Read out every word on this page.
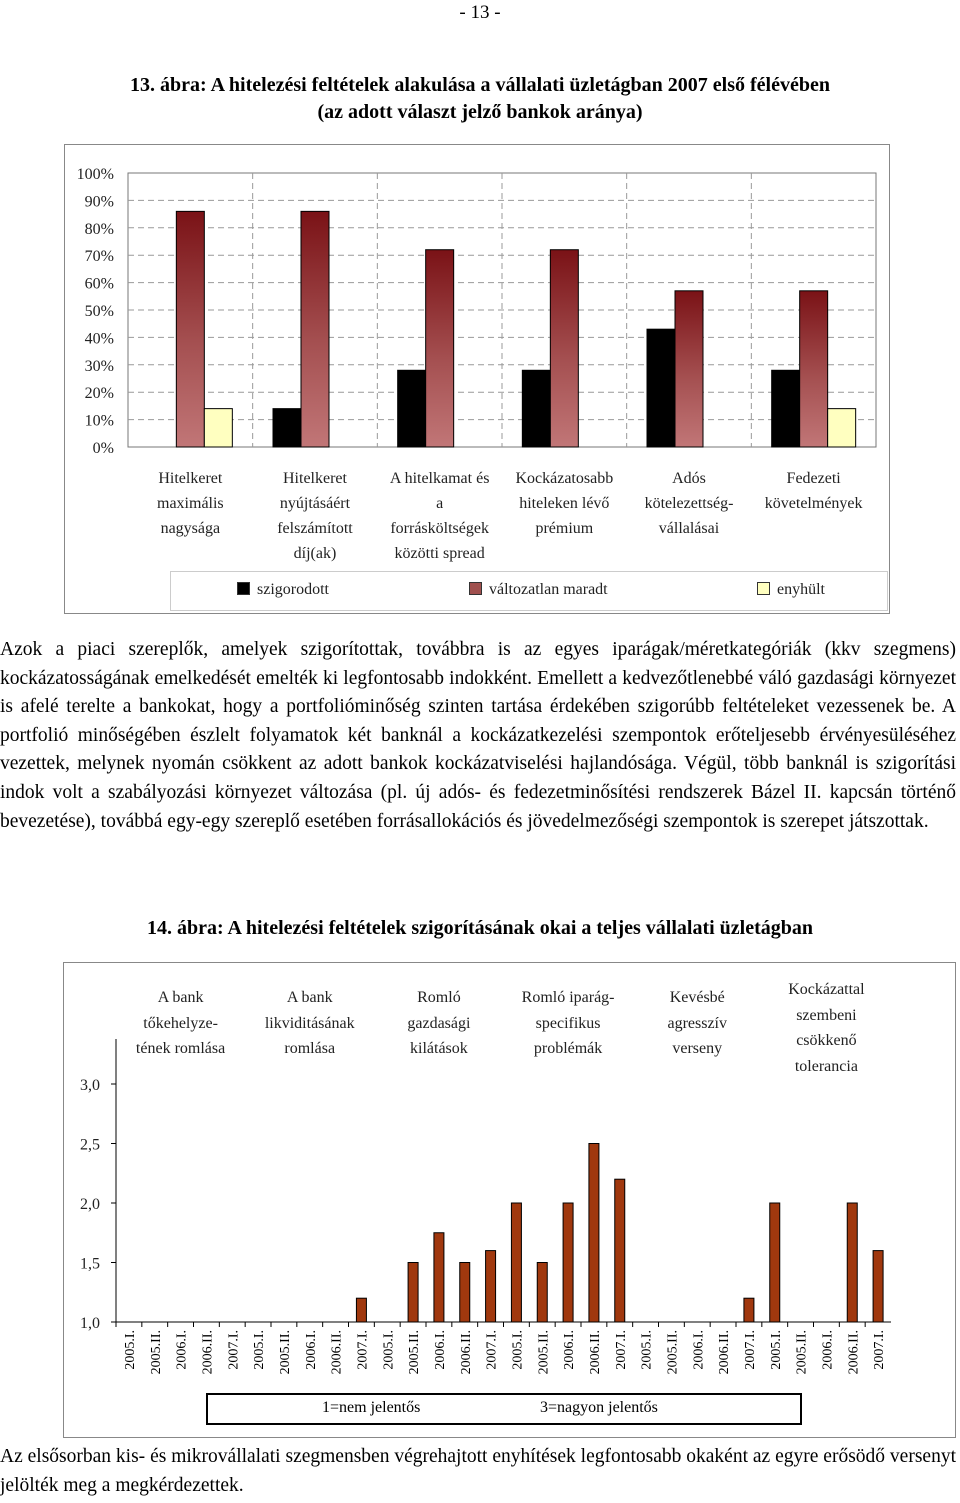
- 13 -
13. ábra: A hitelezési feltételek alakulása a vállalati üzletágban 2007 első félévében
(az adott választ jelző bankok aránya)
0%
10%
20%
30%
40%
50%
60%
70%
80%
90%
100%
Hitelkeret
maximális
nagysága
Hitelkeret
nyújtásáért
felszámított
díj(ak)
A hitelkamat és
a
forrásköltségek
közötti spread
Kockázatosabb
hiteleken lévő
prémium
Adós
kötelezettség-
vállalásai
Fedezeti
követelmények
szigorodott	változatlan maradt	enyhült
Azok a piaci szereplők, amelyek szigorítottak, továbbra is az egyes iparágak/méretkategóriák (kkv szegmens) kockázatosságának emelkedését emelték ki legfontosabb indokként. Emellett a kedvezőtlenebbé váló gazdasági környezet is afelé terelte a bankokat, hogy a portfolióminőség szinten tartása érdekében szigorúbb feltételeket vezessenek be. A portfolió minőségében észlelt folyamatok két banknál a kockázatkezelési szempontok erőteljesebb érvényesüléséhez vezettek, melynek nyomán csökkent az adott bankok kockázatviselési hajlandósága. Végül, több banknál is szigorítási indok volt a szabályozási környezet változása (pl. új adós- és fedezetminősítési rendszerek Bázel II. kapcsán történő bevezetése), továbbá egy-egy szereplő esetében forrásallokációs és jövedelmezőségi szempontok is szerepet játszottak.
14. ábra: A hitelezési feltételek szigorításának okai a teljes vállalati üzletágban
1,0
1,5
2,0
2,5
3,0
2005.I. 2005.II. 2006.I. 2006.II. 2007.I. 2005.I. 2005.II. 2006.I. 2006.II. 2007.I. 2005.I. 2005.II. 2006.I. 2006.II. 2007.I. 2005.I. 2005.II. 2006.I. 2006.II. 2007.I. 2005.I. 2005.II. 2006.I. 2006.II. 2007.I. 2005.I. 2005.II. 2006.I. 2006.II. 2007.I.
A bank
tőkehelyze-
tének romlása
A bank
likviditásának
romlása
Romló
gazdasági
kilátások
Romló iparág-
specifikus
problémák
Kevésbé
agresszív
verseny
Kockázattal
szembeni
csökkenő
tolerancia
1=nem jelentős	3=nagyon jelentős
Az elsősorban kis- és mikrovállalati szegmensben végrehajtott enyhítések legfontosabb okaként az egyre erősödő versenyt jelölték meg a megkérdezettek.
